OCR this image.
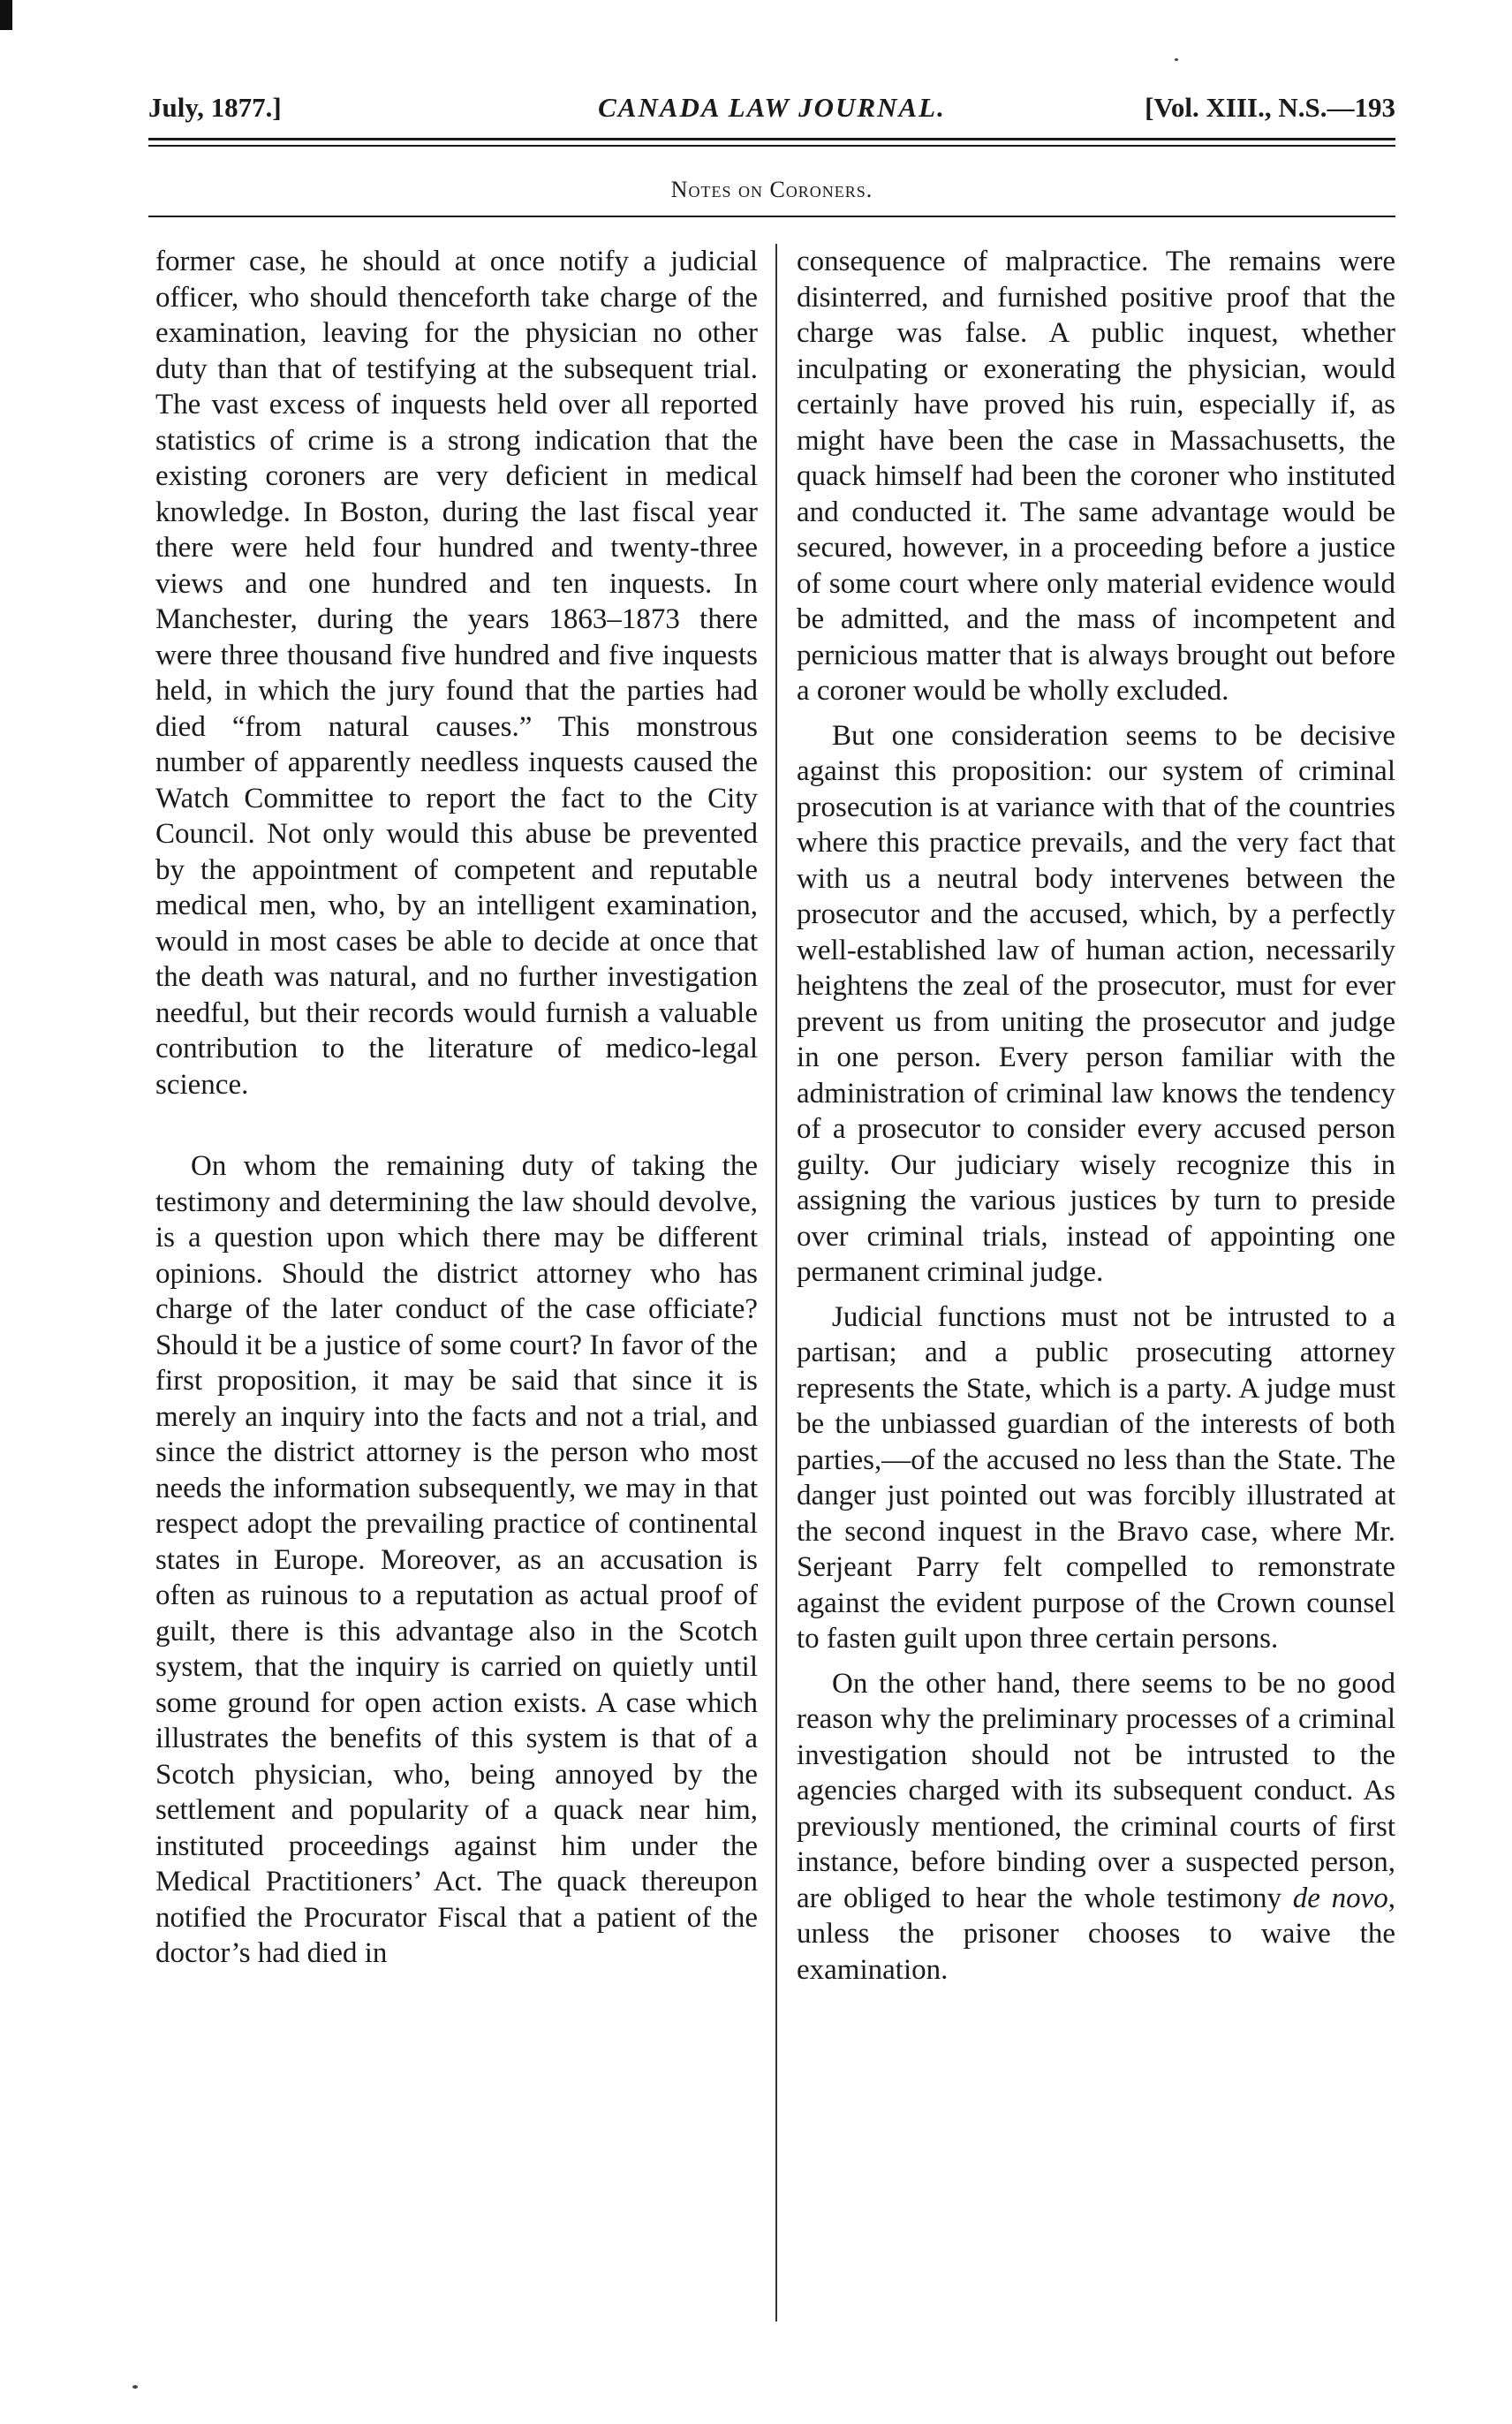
July, 1877.]	CANADA LAW JOURNAL.	[Vol. XIII., N.S.—193
Notes on Coroners.

former case, he should at once notify a judicial officer, who should thenceforth take charge of the examination, leaving for the physician no other duty than that of testifying at the subsequent trial. The vast excess of inquests held over all reported statistics of crime is a strong indication that the existing coroners are very deficient in medical knowledge. In Boston, during the last fiscal year there were held four hundred and twenty-three views and one hundred and ten inquests. In Manchester, during the years 1863–1873 there were three thousand five hundred and five inquests held, in which the jury found that the parties had died “from natural causes.” This monstrous number of apparently needless inquests caused the Watch Committee to report the fact to the City Council. Not only would this abuse be prevented by the appointment of competent and reputable medical men, who, by an intelligent examination, would in most cases be able to decide at once that the death was natural, and no further investigation needful, but their records would furnish a valuable contribution to the literature of medico-legal science.

On whom the remaining duty of taking the testimony and determining the law should devolve, is a question upon which there may be different opinions. Should the district attorney who has charge of the later conduct of the case officiate? Should it be a justice of some court? In favor of the first proposition, it may be said that since it is merely an inquiry into the facts and not a trial, and since the district attorney is the person who most needs the information subsequently, we may in that respect adopt the prevailing practice of continental states in Europe. Moreover, as an accusation is often as ruinous to a reputation as actual proof of guilt, there is this advantage also in the Scotch system, that the inquiry is carried on quietly until some ground for open action exists. A case which illustrates the benefits of this system is that of a Scotch physician, who, being annoyed by the settlement and popularity of a quack near him, instituted proceedings against him under the Medical Practitioners’ Act. The quack thereupon notified the Procurator Fiscal that a patient of the doctor’s had died in

consequence of malpractice. The remains were disinterred, and furnished positive proof that the charge was false. A public inquest, whether inculpating or exonerating the physician, would certainly have proved his ruin, especially if, as might have been the case in Massachusetts, the quack himself had been the coroner who instituted and conducted it. The same advantage would be secured, however, in a proceeding before a justice of some court where only material evidence would be admitted, and the mass of incompetent and pernicious matter that is always brought out before a coroner would be wholly excluded.

But one consideration seems to be decisive against this proposition: our system of criminal prosecution is at variance with that of the countries where this practice prevails, and the very fact that with us a neutral body intervenes between the prosecutor and the accused, which, by a perfectly well-established law of human action, necessarily heightens the zeal of the prosecutor, must for ever prevent us from uniting the prosecutor and judge in one person. Every person familiar with the administration of criminal law knows the tendency of a prosecutor to consider every accused person guilty. Our judiciary wisely recognize this in assigning the various justices by turn to preside over criminal trials, instead of appointing one permanent criminal judge.

Judicial functions must not be intrusted to a partisan; and a public prosecuting attorney represents the State, which is a party. A judge must be the unbiassed guardian of the interests of both parties,—of the accused no less than the State. The danger just pointed out was forcibly illustrated at the second inquest in the Bravo case, where Mr. Serjeant Parry felt compelled to remonstrate against the evident purpose of the Crown counsel to fasten guilt upon three certain persons.

On the other hand, there seems to be no good reason why the preliminary processes of a criminal investigation should not be intrusted to the agencies charged with its subsequent conduct. As previously mentioned, the criminal courts of first instance, before binding over a suspected person, are obliged to hear the whole testimony de novo, unless the prisoner chooses to waive the examination.
